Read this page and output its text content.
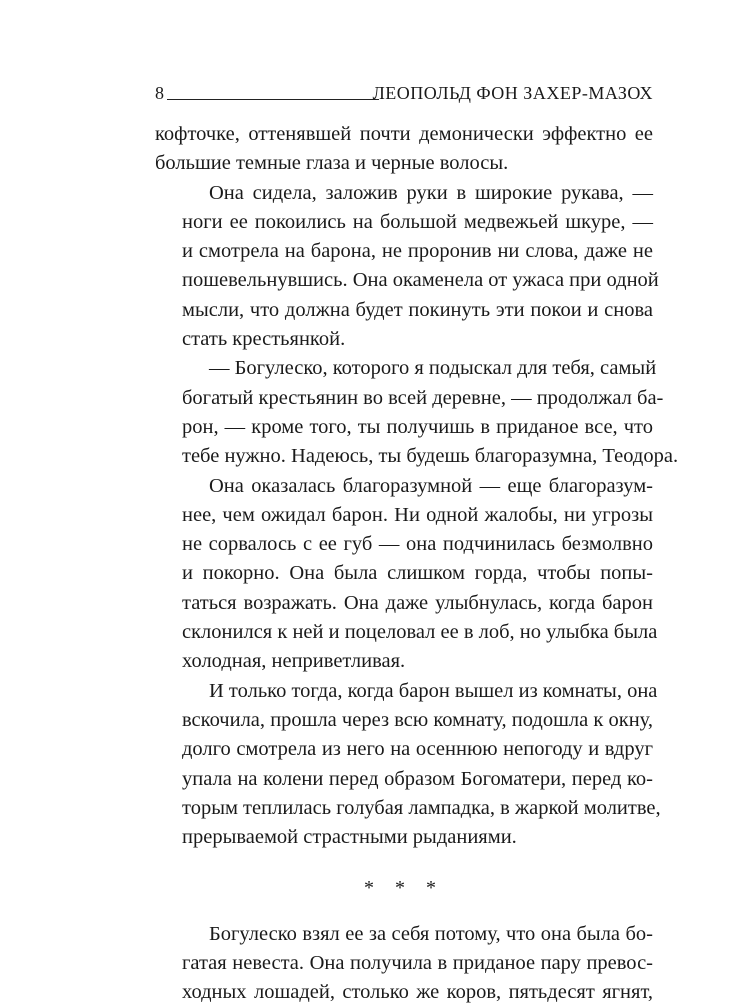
8	ЛЕОПОЛЬД ФОН ЗАХЕР-МАЗОХ
кофточке, оттенявшей почти демонически эффектно ее
большие темные глаза и черные волосы.
Она сидела, заложив руки в широкие рукава, —
ноги ее покоились на большой медвежьей шкуре, —
и смотрела на барона, не проронив ни слова, даже не
пошевельнувшись. Она окаменела от ужаса при одной
мысли, что должна будет покинуть эти покои и снова
стать крестьянкой.
— Богулеско, которого я подыскал для тебя, самый
богатый крестьянин во всей деревне, — продолжал ба-
рон, — кроме того, ты получишь в приданое все, что
тебе нужно. Надеюсь, ты будешь благоразумна, Теодора.
Она оказалась благоразумной — еще благоразум-
нее, чем ожидал барон. Ни одной жалобы, ни угрозы
не сорвалось с ее губ — она подчинилась безмолвно
и покорно. Она была слишком горда, чтобы попы-
таться возражать. Она даже улыбнулась, когда барон
склонился к ней и поцеловал ее в лоб, но улыбка была
холодная, неприветливая.
И только тогда, когда барон вышел из комнаты, она
вскочила, прошла через всю комнату, подошла к окну,
долго смотрела из него на осеннюю непогоду и вдруг
упала на колени перед образом Богоматери, перед ко-
торым теплилась голубая лампадка, в жаркой молитве,
прерываемой страстными рыданиями.
* * *
Богулеско взял ее за себя потому, что она была бо-
гатая невеста. Она получила в приданое пару превос-
ходных лошадей, столько же коров, пятьдесят ягнят,
